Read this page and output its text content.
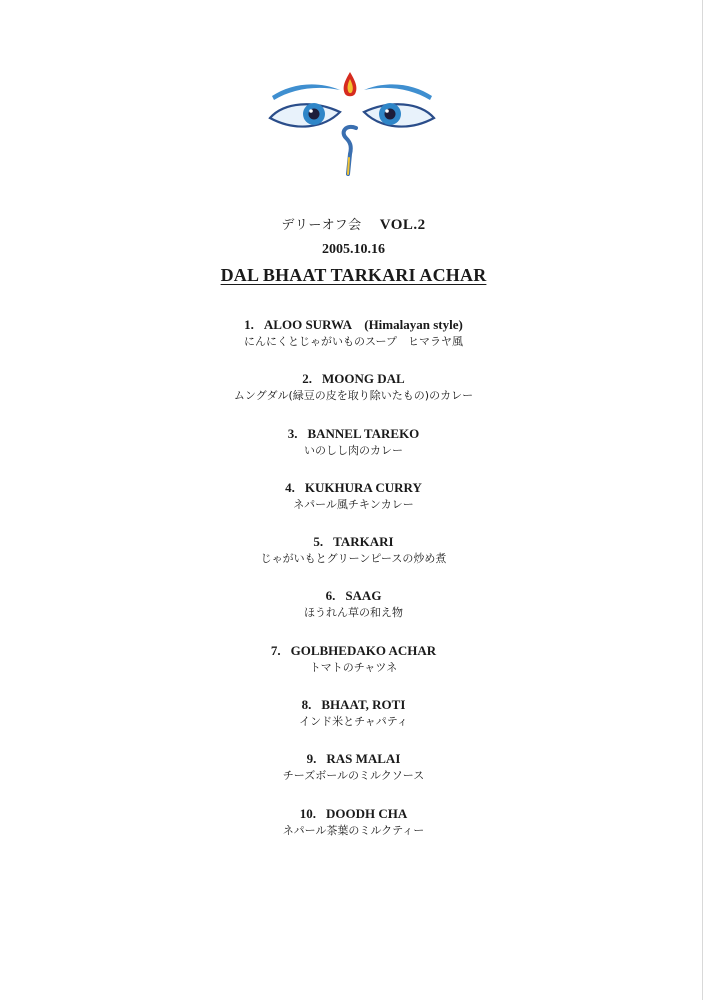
デリーオフ会 VOL.2
2005.10.16
DAL BHAAT TARKARI ACHAR
1. ALOO SURWA    (Himalayan style)
にんにくとじゃがいものスープ　ヒマラヤ風
2. MOONG DAL
ムングダル(緑豆の皮を取り除いたもの)のカレー
3. BANNEL TAREKO
いのしし肉のカレー
4. KUKHURA CURRY
ネパール風チキンカレー
5. TARKARI
じゃがいもとグリーンピースの炒め煮
6. SAAG
ほうれん草の和え物
7. GOLBHEDAKO ACHAR
トマトのチャツネ
8. BHAAT, ROTI
インド米とチャパティ
9. RAS MALAI
チーズボールのミルクソース
10. DOODH CHA
ネパール茶葉のミルクティー
